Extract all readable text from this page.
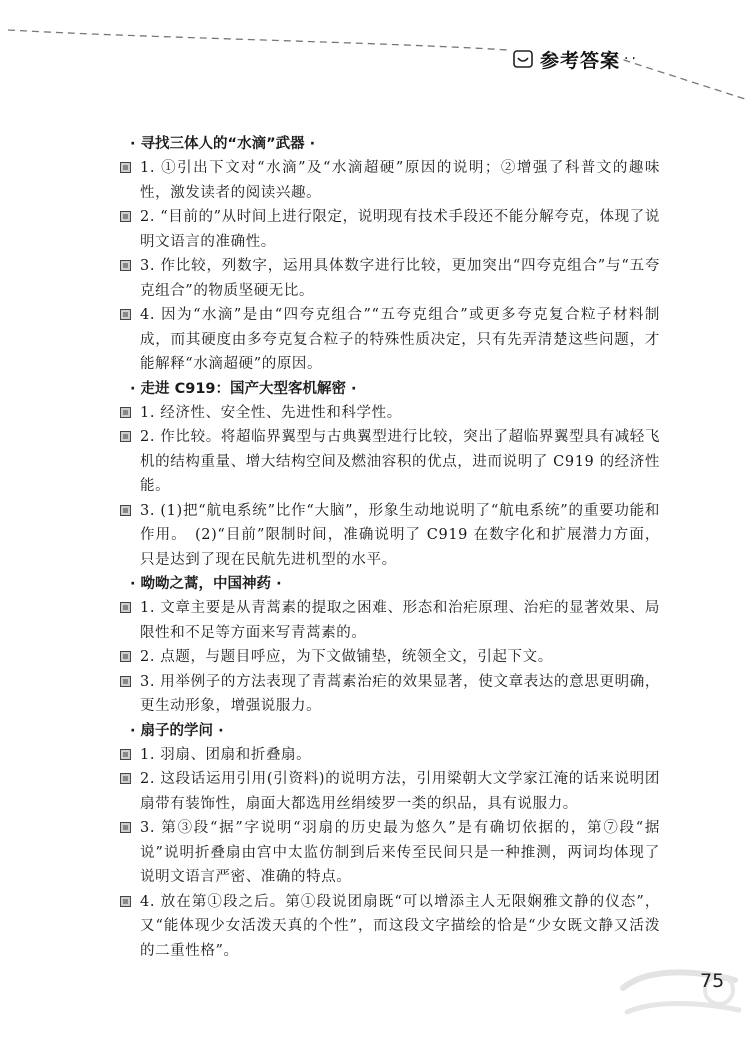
参考答案 ··
· 寻找三体人的“水滴”武器 ·
1. ①引出下文对“水滴”及“水滴超硬”原因的说明；②增强了科普文的趣味性，激发读者的阅读兴趣。
2. “目前的”从时间上进行限定，说明现有技术手段还不能分解夸克，体现了说明文语言的准确性。
3. 作比较，列数字，运用具体数字进行比较，更加突出“四夸克组合”与“五夸克组合”的物质坚硬无比。
4. 因为“水滴”是由“四夸克组合”“五夸克组合”或更多夸克复合粒子材料制成，而其硬度由多夸克复合粒子的特殊性质决定，只有先弄清楚这些问题，才能解释“水滴超硬”的原因。
· 走进 C919：国产大型客机解密 ·
1. 经济性、安全性、先进性和科学性。
2. 作比较。将超临界翼型与古典翼型进行比较，突出了超临界翼型具有减轻飞机的结构重量、增大结构空间及燃油容积的优点，进而说明了 C919 的经济性能。
3. (1)把“航电系统”比作“大脑”，形象生动地说明了“航电系统”的重要功能和作用。　(2)“目前”限制时间，准确说明了 C919 在数字化和扩展潜力方面，只是达到了现在民航先进机型的水平。
· 呦呦之蒿，中国神药 ·
1. 文章主要是从青蒿素的提取之困难、形态和治疟原理、治疟的显著效果、局限性和不足等方面来写青蒿素的。
2. 点题，与题目呼应，为下文做铺垫，统领全文，引起下文。
3. 用举例子的方法表现了青蒿素治疟的效果显著，使文章表达的意思更明确，更生动形象，增强说服力。
· 扇子的学问 ·
1. 羽扇、团扇和折叠扇。
2. 这段话运用引用(引资料)的说明方法，引用梁朝大文学家江淹的话来说明团扇带有装饰性，扇面大都选用丝绢绫罗一类的织品，具有说服力。
3. 第③段“据”字说明“羽扇的历史最为悠久”是有确切依据的，第⑦段“据说”说明折叠扇由宫中太监仿制到后来传至民间只是一种推测，两词均体现了说明文语言严密、准确的特点。
4. 放在第①段之后。第①段说团扇既“可以增添主人无限娴雅文静的仪态”，又“能体现少女活泼天真的个性”，而这段文字描绘的恰是“少女既文静又活泼的二重性格”。
75
